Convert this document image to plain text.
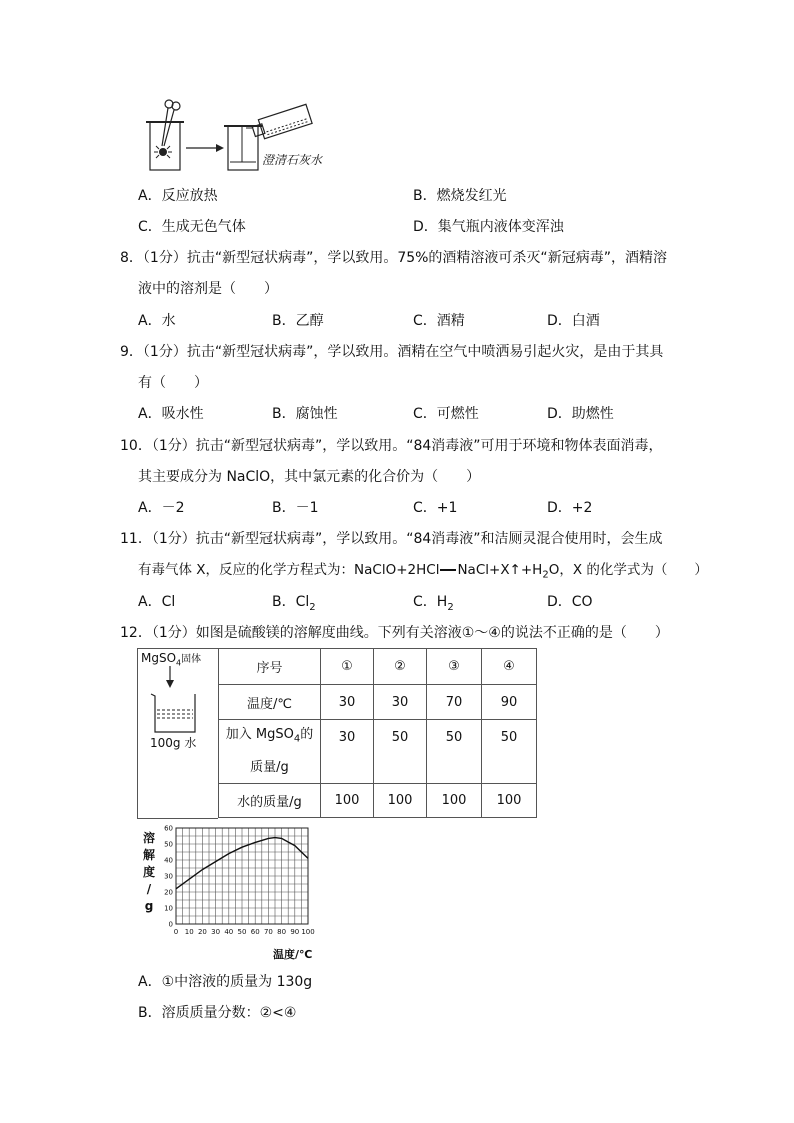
澄清石灰水
A．反应放热	B．燃烧发红光
C．生成无色气体	D．集气瓶内液体变浑浊
8．（1分）抗击“新型冠状病毒”，学以致用。75%的酒精溶液可杀灭“新冠病毒”，酒精溶
液中的溶剂是（　　）
A．水	B．乙醇	C．酒精	D．白酒
9．（1分）抗击“新型冠状病毒”，学以致用。酒精在空气中喷洒易引起火灾，是由于其具
有（　　）
A．吸水性	B．腐蚀性	C．可燃性	D．助燃性
10．（1分）抗击“新型冠状病毒”，学以致用。“84消毒液”可用于环境和物体表面消毒，
其主要成分为 NaClO，其中氯元素的化合价为（　　）
A．－2	B．－1	C．+1	D．+2
11．（1分）抗击“新型冠状病毒”，学以致用。“84消毒液”和洁厕灵混合使用时，会生成
有毒气体 X，反应的化学方程式为：NaClO+2HCl $NaCl+X↑+H_2O$，X 的化学式为（　　）
A．Cl	B．$Cl_2$	C．$H_2$	D．CO
12．（1分）如图是硫酸镁的溶解度曲线。下列有关溶液①～④的说法不正确的是（　　）
MgSO$_4$固体
100g 水
序号	①	②	③	④
温度/℃	30	30	70	90
加入 MgSO$_4$的
质量/g	30	50	50	50
水的质量/g	100	100	100	100
溶
解
度
/
g
0 10 20 30 40 50 60 70 80 90 100
0
10
20
30
40
50
60
温度/℃
A．①中溶液的质量为 130g
B．溶质质量分数：②<④
